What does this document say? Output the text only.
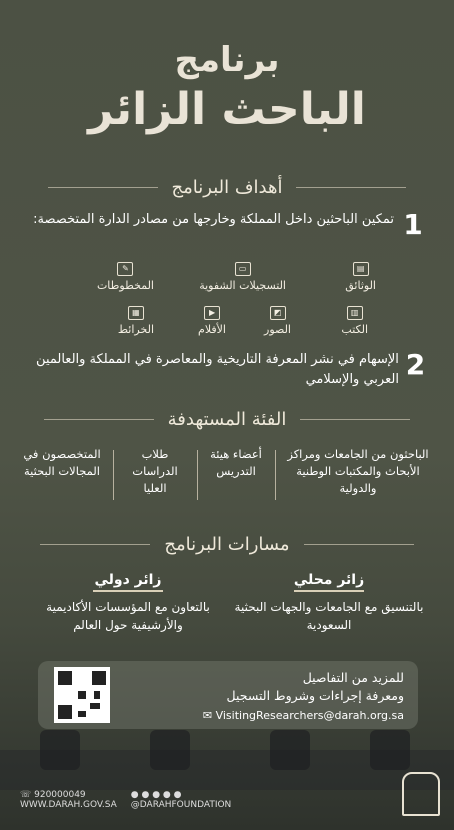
برنامج
الباحث الزائر
أهداف البرنامج
1
تمكين الباحثين داخل المملكة وخارجها من مصادر الدارة المتخصصة:
▤
الوثائق
▭
التسجيلات الشفوية
✎
المخطوطات
▥
الكتب
◩
الصور
▶
الأفلام
▦
الخرائط
2
الإسهام في نشر المعرفة التاريخية والمعاصرة في المملكة والعالمين العربي والإسلامي
الفئة المستهدفة
الباحثون من الجامعات ومراكز الأبحاث والمكتبات الوطنية والدولية
أعضاء هيئة التدريس
طلاب الدراسات العليا
المتخصصون في المجالات البحثية
مسارات البرنامج
زائر محلي
بالتنسيق مع الجامعات والجهات البحثية السعودية
زائر دولي
بالتعاون مع المؤسسات الأكاديمية والأرشيفية حول العالم
للمزيد من التفاصيل
ومعرفة إجراءات وشروط التسجيل
✉ VisitingResearchers@darah.org.sa
☏ 920000049
WWW.DARAH.GOV.SA
● ● ● ● ●
@DARAHFOUNDATION
